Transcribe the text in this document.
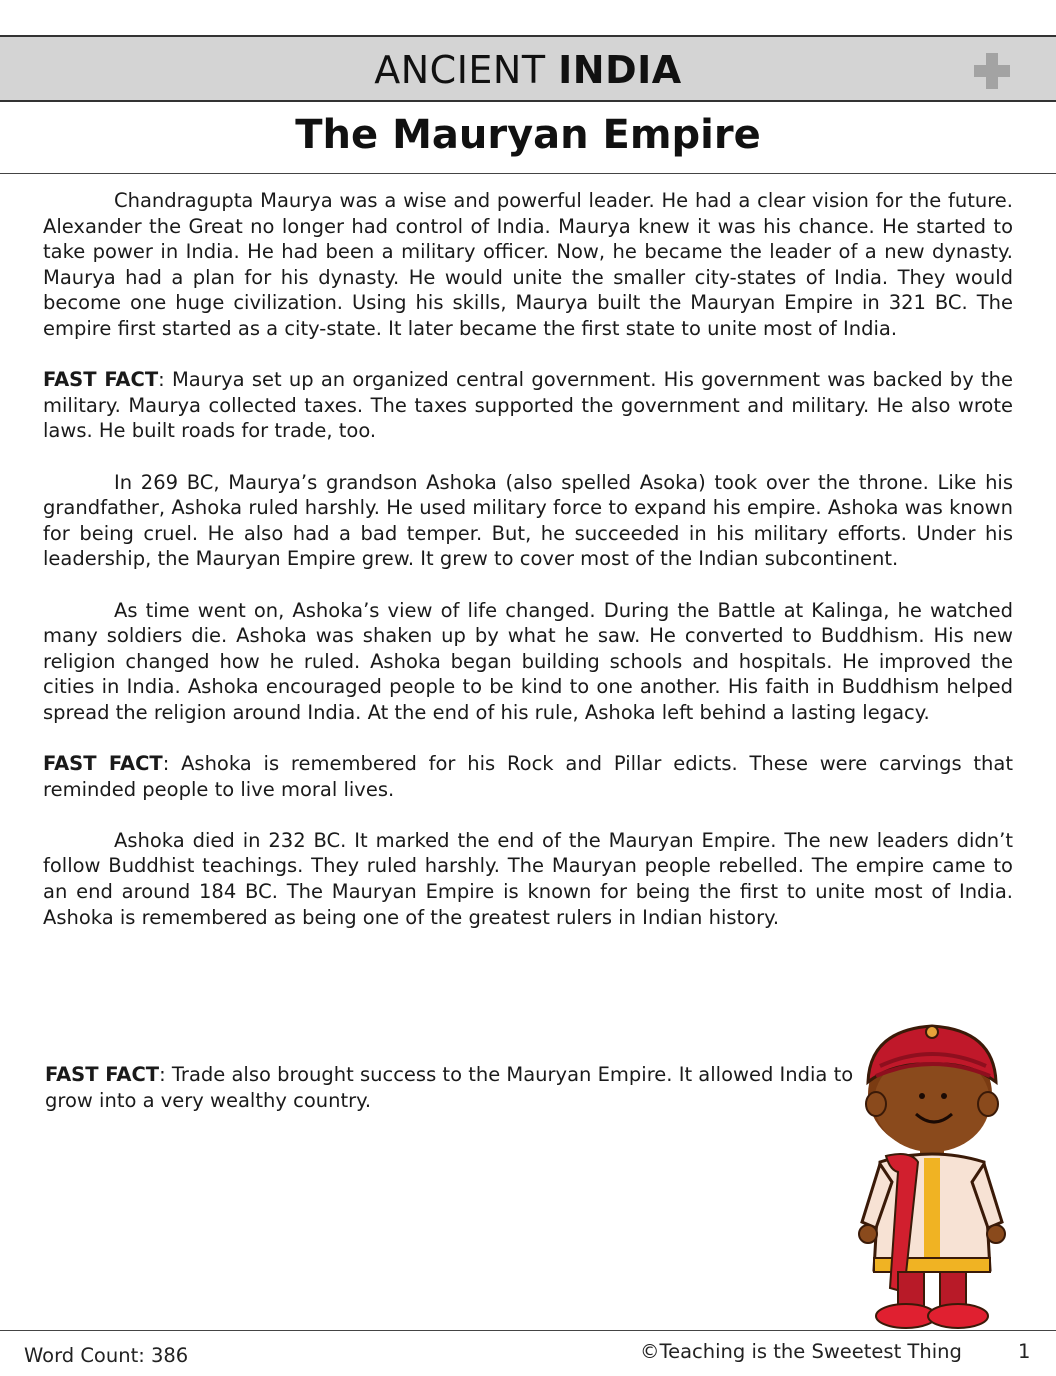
ANCIENT INDIA
The Mauryan Empire

Chandragupta Maurya was a wise and powerful leader. He had a clear vision for the future. Alexander the Great no longer had control of India. Maurya knew it was his chance. He started to take power in India. He had been a military officer. Now, he became the leader of a new dynasty. Maurya had a plan for his dynasty. He would unite the smaller city-states of India. They would become one huge civilization. Using his skills, Maurya built the Mauryan Empire in 321 BC. The empire first started as a city-state. It later became the first state to unite most of India.

FAST FACT: Maurya set up an organized central government. His government was backed by the military. Maurya collected taxes. The taxes supported the government and military. He also wrote laws. He built roads for trade, too.

In 269 BC, Maurya’s grandson Ashoka (also spelled Asoka) took over the throne. Like his grandfather, Ashoka ruled harshly. He used military force to expand his empire. Ashoka was known for being cruel. He also had a bad temper. But, he succeeded in his military efforts. Under his leadership, the Mauryan Empire grew. It grew to cover most of the Indian subcontinent.

As time went on, Ashoka’s view of life changed. During the Battle at Kalinga, he watched many soldiers die. Ashoka was shaken up by what he saw. He converted to Buddhism. His new religion changed how he ruled. Ashoka began building schools and hospitals. He improved the cities in India. Ashoka encouraged people to be kind to one another. His faith in Buddhism helped spread the religion around India. At the end of his rule, Ashoka left behind a lasting legacy.

FAST FACT: Ashoka is remembered for his Rock and Pillar edicts. These were carvings that reminded people to live moral lives.

Ashoka died in 232 BC. It marked the end of the Mauryan Empire. The new leaders didn’t follow Buddhist teachings. They ruled harshly. The Mauryan people rebelled. The empire came to an end around 184 BC. The Mauryan Empire is known for being the first to unite most of India. Ashoka is remembered as being one of the greatest rulers in Indian history.

FAST FACT: Trade also brought success to the Mauryan Empire. It allowed India to grow into a very wealthy country.

Word Count: 386	©Teaching is the Sweetest Thing	1
